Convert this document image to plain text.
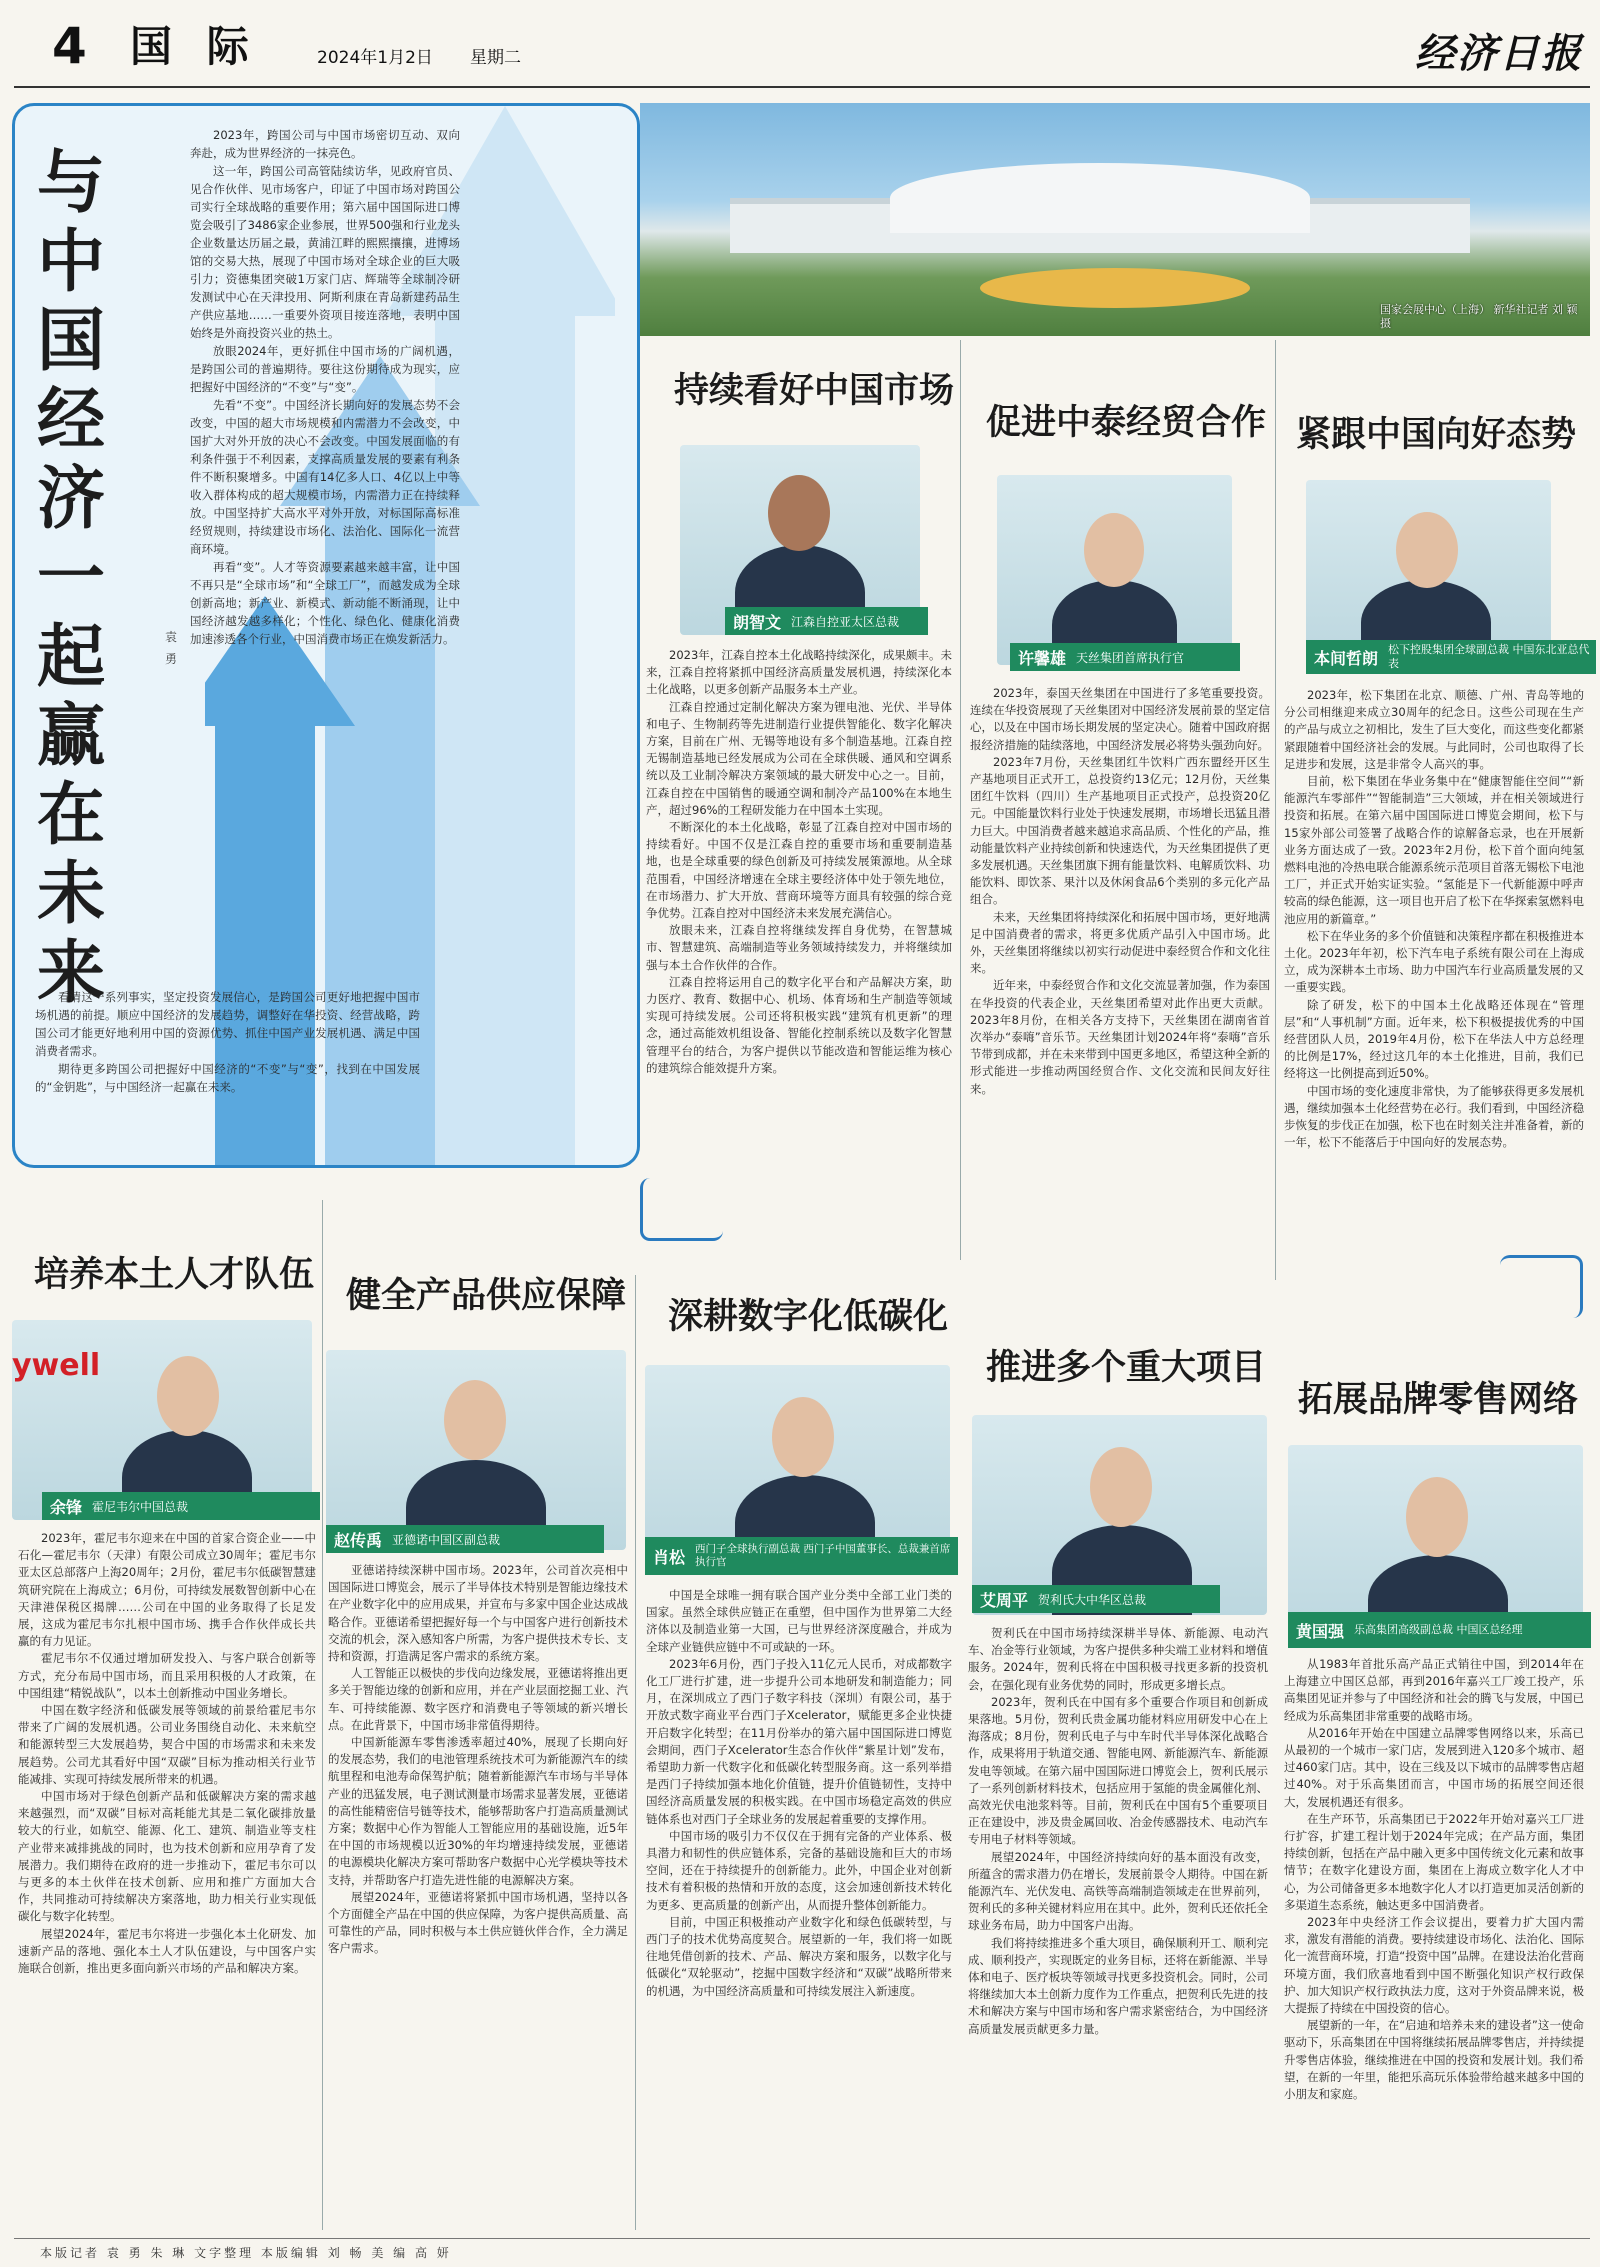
4 国 际	2024年1月2日 星期二	经济日报
与中国经济一起赢在未来
袁 勇

2023年，跨国公司与中国市场密切互动、双向奔赴，成为世界经济的一抹亮色。

这一年，跨国公司高管陆续访华，见政府官员、见合作伙伴、见市场客户，印证了中国市场对跨国公司实行全球战略的重要作用；第六届中国国际进口博览会吸引了3486家企业参展，世界500强和行业龙头企业数量达历届之最，黄浦江畔的熙熙攘攘，进博场馆的交易大热，展现了中国市场对全球企业的巨大吸引力；资德集团突破1万家门店、辉瑞等全球制冷研发测试中心在天津投用、阿斯利康在青岛新建药品生产供应基地……一重要外资项目接连落地，表明中国始终是外商投资兴业的热土。

放眼2024年，更好抓住中国市场的广阔机遇，是跨国公司的普遍期待。要往这份期待成为现实，应把握好中国经济的“不变”与“变”。

先看“不变”。中国经济长期向好的发展态势不会改变，中国的超大市场规模和内需潜力不会改变，中国扩大对外开放的决心不会改变。中国发展面临的有利条件强于不利因素，支撑高质量发展的要素有利条件不断积聚增多。中国有14亿多人口、4亿以上中等收入群体构成的超大规模市场，内需潜力正在持续释放。中国坚持扩大高水平对外开放，对标国际高标准经贸规则，持续建设市场化、法治化、国际化一流营商环境。

再看“变”。人才等资源要素越来越丰富，让中国不再只是“全球市场”和“全球工厂”，而越发成为全球创新高地；新产业、新模式、新动能不断涌现，让中国经济越发越多样化；个性化、绿色化、健康化消费加速渗透各个行业，中国消费市场正在焕发新活力。

看清这一系列事实，坚定投资发展信心，是跨国公司更好地把握中国市场机遇的前提。顺应中国经济的发展趋势，调整好在华投资、经营战略，跨国公司才能更好地利用中国的资源优势、抓住中国产业发展机遇、满足中国消费者需求。

期待更多跨国公司把握好中国经济的“不变”与“变”，找到在中国发展的“金钥匙”，与中国经济一起赢在未来。

国家会展中心（上海） 新华社记者 刘 颖摄
持续看好中国市场
朗智文 江森自控亚太区总裁

2023年，江森自控本土化战略持续深化，成果颇丰。未来，江森自控将紧抓中国经济高质量发展机遇，持续深化本土化战略，以更多创新产品服务本土产业。

江森自控通过定制化解决方案为锂电池、光伏、半导体和电子、生物制药等先进制造行业提供智能化、数字化解决方案，目前在广州、无锡等地设有多个制造基地。江森自控无锡制造基地已经发展成为公司在全球供暖、通风和空调系统以及工业制冷解决方案领域的最大研发中心之一。目前，江森自控在中国销售的暖通空调和制冷产品100%在本地生产，超过96%的工程研发能力在中国本土实现。

不断深化的本土化战略，彰显了江森自控对中国市场的持续看好。中国不仅是江森自控的重要市场和重要制造基地，也是全球重要的绿色创新及可持续发展策源地。从全球范围看，中国经济增速在全球主要经济体中处于领先地位，在市场潜力、扩大开放、营商环境等方面具有较强的综合竞争优势。江森自控对中国经济未来发展充满信心。

放眼未来，江森自控将继续发挥自身优势，在智慧城市、智慧建筑、高端制造等业务领域持续发力，并将继续加强与本土合作伙伴的合作。

江森自控将运用自己的数字化平台和产品解决方案，助力医疗、教育、数据中心、机场、体育场和生产制造等领域实现可持续发展。公司还将积极实践“建筑有机更新”的理念，通过高能效机组设备、智能化控制系统以及数字化智慧管理平台的结合，为客户提供以节能改造和智能运维为核心的建筑综合能效提升方案。

促进中泰经贸合作
许馨雄 天丝集团首席执行官

2023年，泰国天丝集团在中国进行了多笔重要投资。连续在华投资展现了天丝集团对中国经济发展前景的坚定信心，以及在中国市场长期发展的坚定决心。随着中国政府据报经济措施的陆续落地，中国经济发展必将势头强劲向好。

2023年7月份，天丝集团红牛饮料广西东盟经开区生产基地项目正式开工，总投资约13亿元；12月份，天丝集团红牛饮料（四川）生产基地项目正式投产，总投资20亿元。中国能量饮料行业处于快速发展期，市场增长迅猛且潜力巨大。中国消费者越来越追求高品质、个性化的产品，推动能量饮料产业持续创新和快速迭代，为天丝集团提供了更多发展机遇。天丝集团旗下拥有能量饮料、电解质饮料、功能饮料、即饮茶、果汁以及休闲食品6个类别的多元化产品组合。

未来，天丝集团将持续深化和拓展中国市场，更好地满足中国消费者的需求，将更多优质产品引入中国市场。此外，天丝集团将继续以初实行动促进中泰经贸合作和文化往来。

近年来，中泰经贸合作和文化交流显著加强，作为泰国在华投资的代表企业，天丝集团希望对此作出更大贡献。2023年8月份，在相关各方支持下，天丝集团在湖南省首次举办“泰嗨”音乐节。天丝集团计划2024年将“泰嗨”音乐节带到成都，并在未来带到中国更多地区，希望这种全新的形式能进一步推动两国经贸合作、文化交流和民间友好往来。

紧跟中国向好态势
本间哲朗 松下控股集团全球副总裁 中国东北亚总代表

2023年，松下集团在北京、顺德、广州、青岛等地的分公司相继迎来成立30周年的纪念日。这些公司现在生产的产品与成立之初相比，发生了巨大变化，而这些变化都紧紧跟随着中国经济社会的发展。与此同时，公司也取得了长足进步和发展，这是非常令人高兴的事。

目前，松下集团在华业务集中在“健康智能住空间”“新能源汽车零部件”“智能制造”三大领域，并在相关领域进行投资和拓展。在第六届中国国际进口博览会期间，松下与15家外部公司签署了战略合作的谅解备忘录，也在开展新业务方面达成了一致。2023年2月份，松下首个面向纯氢燃料电池的冷热电联合能源系统示范项目首落无锡松下电池工厂，并正式开始实证实验。“氢能是下一代新能源中呼声较高的绿色能源，这一项目也开启了松下在华探索氢燃料电池应用的新篇章。”

松下在华业务的多个价值链和决策程序都在积极推进本土化。2023年年初，松下汽车电子系统有限公司在上海成立，成为深耕本土市场、助力中国汽车行业高质量发展的又一重要实践。

除了研发，松下的中国本土化战略还体现在“管理层”和“人事机制”方面。近年来，松下积极提拔优秀的中国经营团队人员，2019年4月份，松下在华法人中方总经理的比例是17%，经过这几年的本土化推进，目前，我们已经将这一比例提高到近50%。

中国市场的变化速度非常快，为了能够获得更多发展机遇，继续加强本土化经营势在必行。我们看到，中国经济稳步恢复的步伐正在加强，松下也在时刻关注并准备着，新的一年，松下不能落后于中国向好的发展态势。

培养本土人才队伍
ywell
余锋 霍尼韦尔中国总裁

2023年，霍尼韦尔迎来在中国的首家合资企业——中石化—霍尼韦尔（天津）有限公司成立30周年；霍尼韦尔亚太区总部落户上海20周年；2月份，霍尼韦尔低碳智慧建筑研究院在上海成立；6月份，可持续发展数智创新中心在天津港保税区揭牌……公司在中国的业务取得了长足发展，这成为霍尼韦尔扎根中国市场、携手合作伙伴成长共赢的有力见证。

霍尼韦尔不仅通过增加研发投入、与客户联合创新等方式，充分布局中国市场，而且采用积极的人才政策，在中国组建“精锐战队”，以本土创新推动中国业务增长。

中国在数字经济和低碳发展等领域的前景给霍尼韦尔带来了广阔的发展机遇。公司业务围绕自动化、未来航空和能源转型三大发展趋势，契合中国的市场需求和未来发展趋势。公司尤其看好中国“双碳”目标为推动相关行业节能减排、实现可持续发展所带来的机遇。

中国市场对于绿色创新产品和低碳解决方案的需求越来越强烈，而“双碳”目标对高耗能尤其是二氧化碳排放量较大的行业，如航空、能源、化工、建筑、制造业等支柱产业带来减排挑战的同时，也为技术创新和应用孕育了发展潜力。我们期待在政府的进一步推动下，霍尼韦尔可以与更多的本土伙伴在技术创新、应用和推广方面加大合作，共同推动可持续解决方案落地，助力相关行业实现低碳化与数字化转型。

展望2024年，霍尼韦尔将进一步强化本土化研发、加速新产品的落地、强化本土人才队伍建设，与中国客户实施联合创新，推出更多面向新兴市场的产品和解决方案。

健全产品供应保障
赵传禹 亚德诺中国区副总裁

亚德诺持续深耕中国市场。2023年，公司首次亮相中国国际进口博览会，展示了半导体技术特别是智能边缘技术在产业数字化中的应用成果，并宣布与多家中国企业达成战略合作。亚德诺希望把握好每一个与中国客户进行创新技术交流的机会，深入感知客户所需，为客户提供技术专长、支持和资源，打造满足客户需求的系统方案。

人工智能正以极快的步伐向边缘发展，亚德诺将推出更多关于智能边缘的创新和应用，并在产业层面挖掘工业、汽车、可持续能源、数字医疗和消费电子等领域的新兴增长点。在此背景下，中国市场非常值得期待。

中国新能源车零售渗透率超过40%，展现了长期向好的发展态势，我们的电池管理系统技术可为新能源汽车的续航里程和电池寿命保驾护航；随着新能源汽车市场与半导体产业的迅猛发展，电子测试测量市场需求显著发展，亚德诺的高性能精密信号链等技术，能够帮助客户打造高质量测试方案；数据中心作为智能人工智能应用的基础设施，近5年在中国的市场规模以近30%的年均增速持续发展，亚德诺的电源模块化解决方案可帮助客户数据中心光学模块等技术支持，并帮助客户打造先进性能的电源解决方案。

展望2024年，亚德诺将紧抓中国市场机遇，坚持以各个方面健全产品在中国的供应保障，为客户提供高质量、高可靠性的产品，同时积极与本土供应链伙伴合作，全力满足客户需求。

深耕数字化低碳化
肖松 西门子全球执行副总裁 西门子中国董事长、总裁兼首席执行官

中国是全球唯一拥有联合国产业分类中全部工业门类的国家。虽然全球供应链正在重塑，但中国作为世界第二大经济体以及制造业第一大国，已与世界经济深度融合，并成为全球产业链供应链中不可或缺的一环。

2023年6月份，西门子投入11亿元人民币，对成都数字化工厂进行扩建，进一步提升公司本地研发和制造能力；同月，在深圳成立了西门子数字科技（深圳）有限公司，基于开放式数字商业平台西门子Xcelerator，赋能更多企业快捷开启数字化转型；在11月份举办的第六届中国国际进口博览会期间，西门子Xcelerator生态合作伙伴“紫星计划”发布，希望助力新一代数字化和低碳化转型服务商。这一系列举措是西门子持续加强本地化价值链，提升价值链韧性，支持中国经济高质量发展的积极实践。在中国市场稳定高效的供应链体系也对西门子全球业务的发展起着重要的支撑作用。

中国市场的吸引力不仅仅在于拥有完备的产业体系、极具潜力和韧性的供应链体系，完备的基础设施和巨大的市场空间，还在于持续提升的创新能力。此外，中国企业对创新技术有着积极的热情和开放的态度，这会加速创新技术转化为更多、更高质量的创新产出，从而提升整体创新能力。

目前，中国正积极推动产业数字化和绿色低碳转型，与西门子的技术优势高度契合。展望新的一年，我们将一如既往地凭借创新的技术、产品、解决方案和服务，以数字化与低碳化“双轮驱动”，挖掘中国数字经济和“双碳”战略所带来的机遇，为中国经济高质量和可持续发展注入新速度。

推进多个重大项目
艾周平 贺利氏大中华区总裁

贺利氏在中国市场持续深耕半导体、新能源、电动汽车、冶金等行业领域，为客户提供多种尖端工业材料和增值服务。2024年，贺利氏将在中国积极寻找更多新的投资机会，在强化现有业务优势的同时，形成更多增长点。

2023年，贺利氏在中国有多个重要合作项目和创新成果落地。5月份，贺利氏贵金属功能材料应用研发中心在上海落成；8月份，贺利氏电子与中车时代半导体深化战略合作，成果将用于轨道交通、智能电网、新能源汽车、新能源发电等领域。在第六届中国国际进口博览会上，贺利氏展示了一系列创新材料技术，包括应用于氢能的贵金属催化剂、高效光伏电池浆料等。目前，贺利氏在中国有5个重要项目正在建设中，涉及贵金属回收、冶金传感器技术、电动汽车专用电子材料等领域。

展望2024年，中国经济持续向好的基本面没有改变，所蕴含的需求潜力仍在增长，发展前景令人期待。中国在新能源汽车、光伏发电、高铁等高端制造领域走在世界前列，贺利氏的多种关键材料应用在其中。此外，贺利氏还依托全球业务布局，助力中国客户出海。

我们将持续推进多个重大项目，确保顺利开工、顺利完成、顺利投产，实现既定的业务目标，还将在新能源、半导体和电子、医疗板块等领域寻找更多投资机会。同时，公司将继续加大本土创新力度作为工作重点，把贺利氏先进的技术和解决方案与中国市场和客户需求紧密结合，为中国经济高质量发展贡献更多力量。

拓展品牌零售网络
黄国强 乐高集团高级副总裁 中国区总经理

从1983年首批乐高产品正式销往中国，到2014年在上海建立中国区总部，再到2016年嘉兴工厂竣工投产，乐高集团见证并参与了中国经济和社会的腾飞与发展，中国已经成为乐高集团非常重要的战略市场。

从2016年开始在中国建立品牌零售网络以来，乐高已从最初的一个城市一家门店，发展到进入120多个城市、超过460家门店。其中，设在三线及以下城市的品牌零售店超过40%。对于乐高集团而言，中国市场的拓展空间还很大，发展机遇还有很多。

在生产环节，乐高集团已于2022年开始对嘉兴工厂进行扩容，扩建工程计划于2024年完成；在产品方面，集团持续创新，包括在产品中融入更多中国传统文化元素和故事情节；在数字化建设方面，集团在上海成立数字化人才中心，为公司储备更多本地数字化人才以打造更加灵活创新的多渠道生态系统，触达更多中国消费者。

2023年中央经济工作会议提出，要着力扩大国内需求，激发有潜能的消费。要持续建设市场化、法治化、国际化一流营商环境，打造“投资中国”品牌。在建设法治化营商环境方面，我们欣喜地看到中国不断强化知识产权行政保护、加大知识产权行政执法力度，这对于外资品牌来说，极大提振了持续在中国投资的信心。

展望新的一年，在“启迪和培养未来的建设者”这一使命驱动下，乐高集团在中国将继续拓展品牌零售店，并持续提升零售店体验，继续推进在中国的投资和发展计划。我们希望，在新的一年里，能把乐高玩乐体验带给越来越多中国的小朋友和家庭。

本版记者 袁 勇 朱 琳 文字整理 本版编辑 刘 畅 美 编 高 妍
